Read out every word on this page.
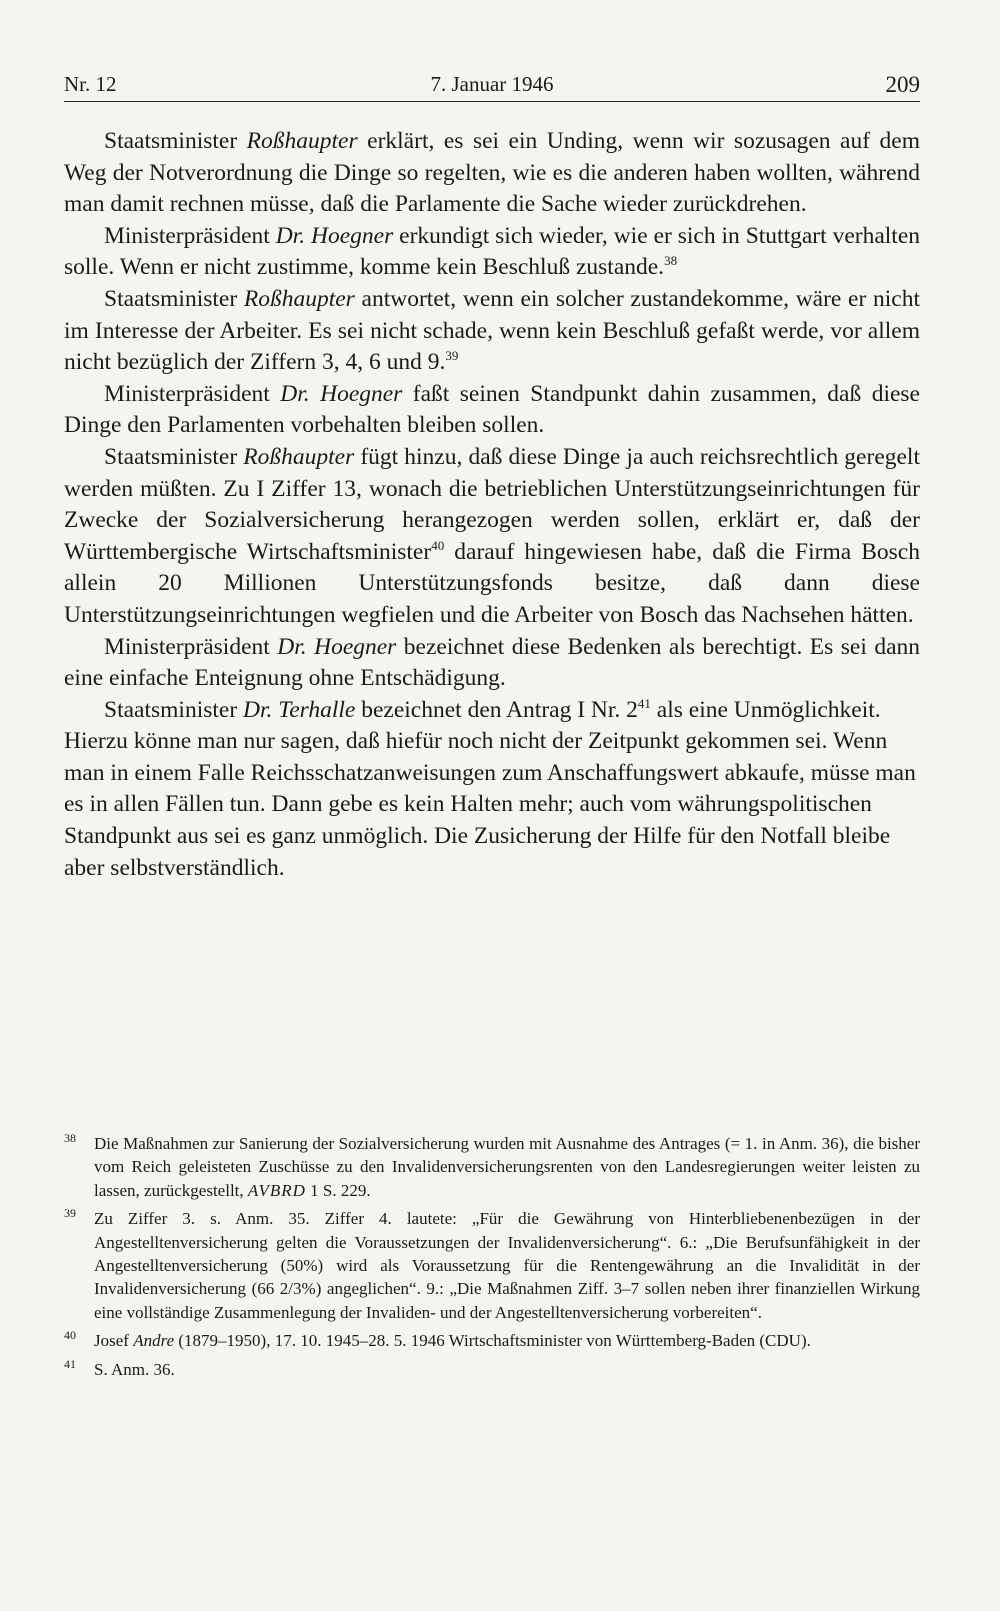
Nr. 12	7. Januar 1946	209

Staatsminister Roßhaupter erklärt, es sei ein Unding, wenn wir sozusagen auf dem Weg der Notverordnung die Dinge so regelten, wie es die anderen haben wollten, während man damit rechnen müsse, daß die Parlamente die Sache wieder zurückdrehen.

Ministerpräsident Dr. Hoegner erkundigt sich wieder, wie er sich in Stuttgart verhalten solle. Wenn er nicht zustimme, komme kein Beschluß zustande.$^{38}$

Staatsminister Roßhaupter antwortet, wenn ein solcher zustandekomme, wäre er nicht im Interesse der Arbeiter. Es sei nicht schade, wenn kein Beschluß gefaßt werde, vor allem nicht bezüglich der Ziffern 3, 4, 6 und 9.39

Ministerpräsident Dr. Hoegner faßt seinen Standpunkt dahin zusammen, daß diese Dinge den Parlamenten vorbehalten bleiben sollen.

Staatsminister Roßhaupter fügt hinzu, daß diese Dinge ja auch reichsrechtlich geregelt werden müßten. Zu I Ziffer 13, wonach die betrieblichen Unterstützungseinrichtungen für Zwecke der Sozialversicherung herangezogen werden sollen, erklärt er, daß der Württembergische Wirtschaftsminister$^{40}$ darauf hingewiesen habe, daß die Firma Bosch allein 20 Millionen Unterstützungsfonds besitze, daß dann diese Unterstützungseinrichtungen wegfielen und die Arbeiter von Bosch das Nachsehen hätten.

Ministerpräsident Dr. Hoegner bezeichnet diese Bedenken als berechtigt. Es sei dann eine einfache Enteignung ohne Entschädigung.

Staatsminister Dr. Terhalle bezeichnet den Antrag I Nr. $2^{41}$ als eine Unmöglichkeit. Hierzu könne man nur sagen, daß hiefür noch nicht der Zeitpunkt gekommen sei. Wenn man in einem Falle Reichsschatzanweisungen zum Anschaffungswert abkaufe, müsse man es in allen Fällen tun. Dann gebe es kein Halten mehr; auch vom währungspolitischen Standpunkt aus sei es ganz unmöglich. Die Zusicherung der Hilfe für den Notfall bleibe aber selbstverständlich.

38 Die Maßnahmen zur Sanierung der Sozialversicherung wurden mit Ausnahme des Antrages (= 1. in Anm. 36), die bisher vom Reich geleisteten Zuschüsse zu den Invalidenversicherungsrenten von den Landesregierungen weiter leisten zu lassen, zurückgestellt, AVBRD 1 S. 229.

39 Zu Ziffer 3. s. Anm. 35. Ziffer 4. lautete: „Für die Gewährung von Hinterbliebenenbezügen in der Angestelltenversicherung gelten die Voraussetzungen der Invalidenversicherung“. 6.: „Die Berufsunfähigkeit in der Angestelltenversicherung (50%) wird als Voraussetzung für die Rentengewährung an die Invalidität in der Invalidenversicherung (66 2/3%) angeglichen“. 9.: „Die Maßnahmen Ziff. 3–7 sollen neben ihrer finanziellen Wirkung eine vollständige Zusammenlegung der Invaliden- und der Angestelltenversicherung vorbereiten“.

40 Josef Andre (1879–1950), 17. 10. 1945–28. 5. 1946 Wirtschaftsminister von Württemberg-Baden (CDU).

41 S. Anm. 36.
